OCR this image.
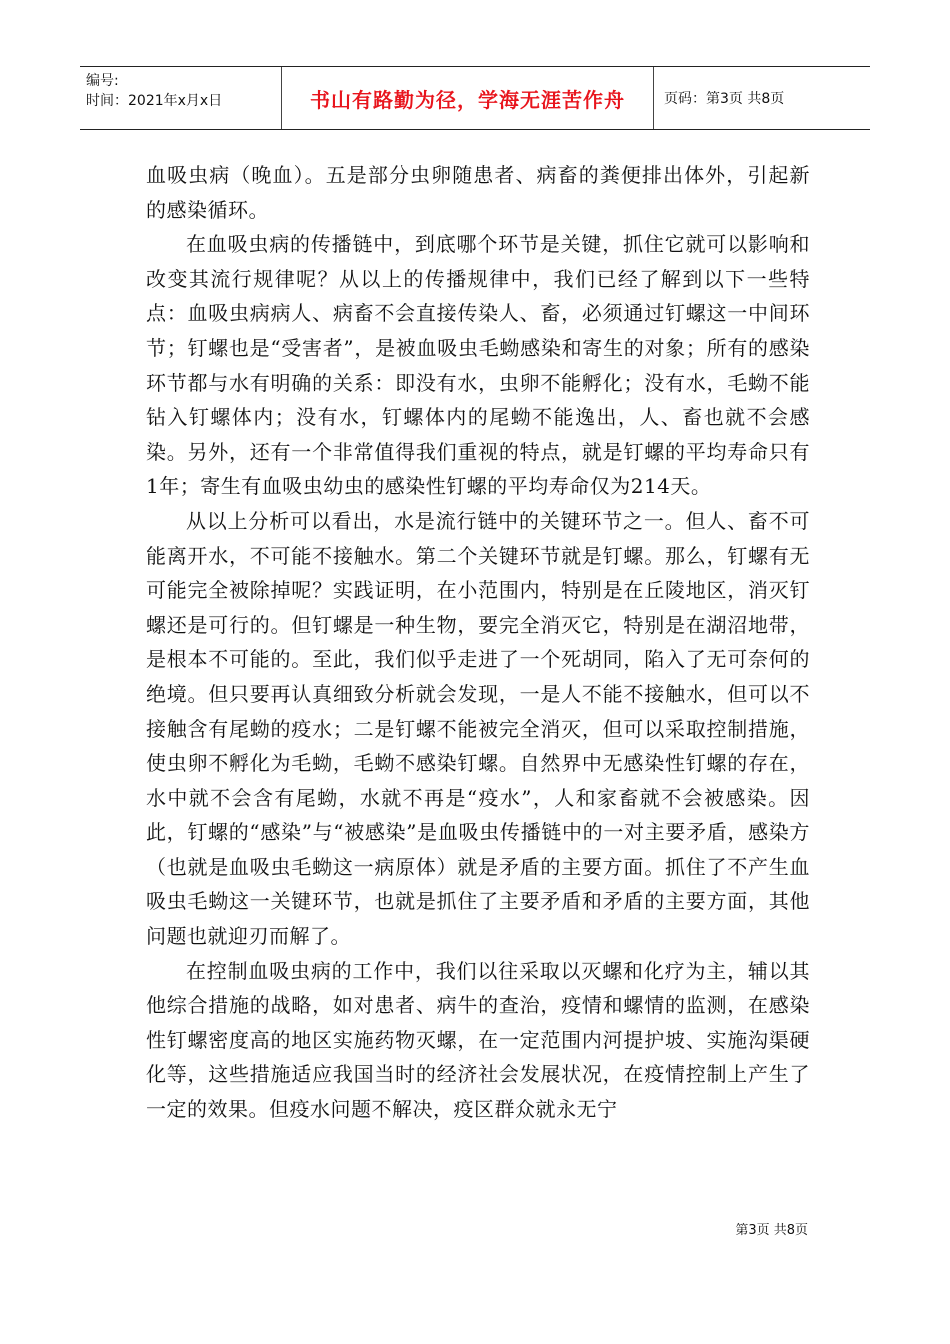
编号:
时间：2021年x月x日	书山有路勤为径，学海无涯苦作舟	页码：第3页 共8页

血吸虫病（晚血）。五是部分虫卵随患者、病畜的粪便排出体外，引起新的感染循环。

在血吸虫病的传播链中，到底哪个环节是关键，抓住它就可以影响和改变其流行规律呢？从以上的传播规律中，我们已经了解到以下一些特点：血吸虫病病人、病畜不会直接传染人、畜，必须通过钉螺这一中间环节；钉螺也是“受害者”，是被血吸虫毛蚴感染和寄生的对象；所有的感染环节都与水有明确的关系：即没有水，虫卵不能孵化；没有水，毛蚴不能钻入钉螺体内；没有水，钉螺体内的尾蚴不能逸出，人、畜也就不会感染。另外，还有一个非常值得我们重视的特点，就是钉螺的平均寿命只有1年；寄生有血吸虫幼虫的感染性钉螺的平均寿命仅为214天。

从以上分析可以看出，水是流行链中的关键环节之一。但人、畜不可能离开水，不可能不接触水。第二个关键环节就是钉螺。那么，钉螺有无可能完全被除掉呢？实践证明，在小范围内，特别是在丘陵地区，消灭钉螺还是可行的。但钉螺是一种生物，要完全消灭它，特别是在湖沼地带，是根本不可能的。至此，我们似乎走进了一个死胡同，陷入了无可奈何的绝境。但只要再认真细致分析就会发现，一是人不能不接触水，但可以不接触含有尾蚴的疫水；二是钉螺不能被完全消灭，但可以采取控制措施，使虫卵不孵化为毛蚴，毛蚴不感染钉螺。自然界中无感染性钉螺的存在，水中就不会含有尾蚴，水就不再是“疫水”，人和家畜就不会被感染。因此，钉螺的“感染”与“被感染”是血吸虫传播链中的一对主要矛盾，感染方（也就是血吸虫毛蚴这一病原体）就是矛盾的主要方面。抓住了不产生血吸虫毛蚴这一关键环节，也就是抓住了主要矛盾和矛盾的主要方面，其他问题也就迎刃而解了。

在控制血吸虫病的工作中，我们以往采取以灭螺和化疗为主，辅以其他综合措施的战略，如对患者、病牛的查治，疫情和螺情的监测，在感染性钉螺密度高的地区实施药物灭螺，在一定范围内河提护坡、实施沟渠硬化等，这些措施适应我国当时的经济社会发展状况，在疫情控制上产生了一定的效果。但疫水问题不解决，疫区群众就永无宁

第3页 共8页
